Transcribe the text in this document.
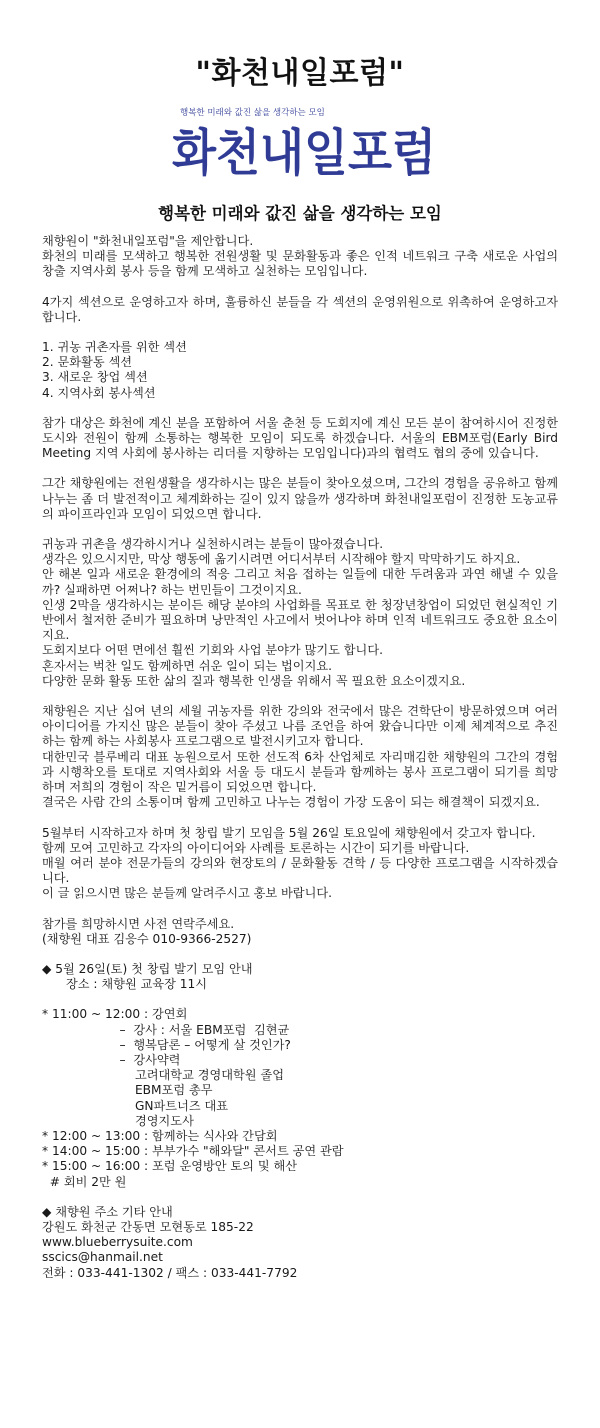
"화천내일포럼"
행복한 미래와 값진 삶을 생각하는 모임
화천내일포럼
행복한 미래와 값진 삶을 생각하는 모임
채향원이 "화천내일포럼"을 제안합니다.
화천의 미래를 모색하고 행복한 전원생활 및 문화활동과 좋은 인적 네트워크 구축 새로운 사업의 창출 지역사회 봉사 등을 함께 모색하고 실천하는 모임입니다.
4가지 섹션으로 운영하고자 하며, 훌륭하신 분들을 각 섹션의 운영위원으로 위촉하여 운영하고자 합니다.
1. 귀농 귀촌자를 위한 섹션
2. 문화활동 섹션
3. 새로운 창업 섹션
4. 지역사회 봉사섹션
참가 대상은 화천에 계신 분을 포함하여 서울 춘천 등 도회지에 계신 모든 분이 참여하시어 진정한 도시와 전원이 함께 소통하는 행복한 모임이 되도록 하겠습니다. 서울의 EBM포럼(Early Bird Meeting 지역 사회에 봉사하는 리더를 지향하는 모임입니다)과의 협력도 협의 중에 있습니다.
그간 채향원에는 전원생활을 생각하시는 많은 분들이 찾아오셨으며, 그간의 경험을 공유하고 함께 나누는 좀 더 발전적이고 체계화하는 길이 있지 않을까 생각하며 화천내일포럼이 진정한 도농교류의 파이프라인과 모임이 되었으면 합니다.
귀농과 귀촌을 생각하시거나 실천하시려는 분들이 많아졌습니다.
생각은 있으시지만, 막상 행동에 옮기시려면 어디서부터 시작해야 할지 막막하기도 하지요.
안 해본 일과 새로운 환경에의 적응 그리고 처음 접하는 일들에 대한 두려움과 과연 해낼 수 있을까? 실패하면 어쩌나? 하는 번민들이 그것이지요.
인생 2막을 생각하시는 분이든 해당 분야의 사업화를 목표로 한 청장년창업이 되었던 현실적인 기반에서 철저한 준비가 필요하며 낭만적인 사고에서 벗어나야 하며 인적 네트워크도 중요한 요소이지요.
도회지보다 어떤 면에선 훨씬 기회와 사업 분야가 많기도 합니다.
혼자서는 벅찬 일도 함께하면 쉬운 일이 되는 법이지요.
다양한 문화 활동 또한 삶의 질과 행복한 인생을 위해서 꼭 필요한 요소이겠지요.
채향원은 지난 십여 년의 세월 귀농자를 위한 강의와 전국에서 많은 견학단이 방문하였으며 여러 아이디어를 가지신 많은 분들이 찾아 주셨고 나름 조언을 하여 왔습니다만 이제 체계적으로 추진하는 함께 하는 사회봉사 프로그램으로 발전시키고자 합니다.
대한민국 블루베리 대표 농원으로서 또한 선도적 6차 산업체로 자리매김한 채향원의 그간의 경험과 시행착오를 토대로 지역사회와 서울 등 대도시 분들과 함께하는 봉사 프로그램이 되기를 희망하며 저희의 경험이 작은 밑거름이 되었으면 합니다.
결국은 사람 간의 소통이며 함께 고민하고 나누는 경험이 가장 도움이 되는 해결책이 되겠지요.
5월부터 시작하고자 하며 첫 창립 발기 모임을 5월 26일 토요일에 채향원에서 갖고자 합니다.
함께 모여 고민하고 각자의 아이디어와 사례를 토론하는 시간이 되기를 바랍니다.
매월 여러 분야 전문가들의 강의와 현장토의 / 문화활동 견학 / 등 다양한 프로그램을 시작하겠습니다.
이 글 읽으시면 많은 분들께 알려주시고 홍보 바랍니다.
참가를 희망하시면 사전 연락주세요.
(채향원 대표 김응수 010-9366-2527)
◆ 5월 26일(토) 첫 창립 발기 모임 안내
장소 : 채향원 교육장 11시
* 11:00 ~ 12:00 : 강연회
–  강사 : 서울 EBM포럼  김현균
–  행복담론 – 어떻게 살 것인가?
–  강사약력
고려대학교 경영대학원 졸업
EBM포럼 총무
GN파트너즈 대표
경영지도사
* 12:00 ~ 13:00 : 함께하는 식사와 간담회
* 14:00 ~ 15:00 : 부부가수 "해와달" 콘서트 공연 관람
* 15:00 ~ 16:00 : 포럼 운영방안 토의 및 해산
# 회비 2만 원
◆ 채향원 주소 기타 안내
강원도 화천군 간동면 모현동로 185-22
www.blueberrysuite.com
sscics@hanmail.net
전화 : 033-441-1302 / 팩스 : 033-441-7792
